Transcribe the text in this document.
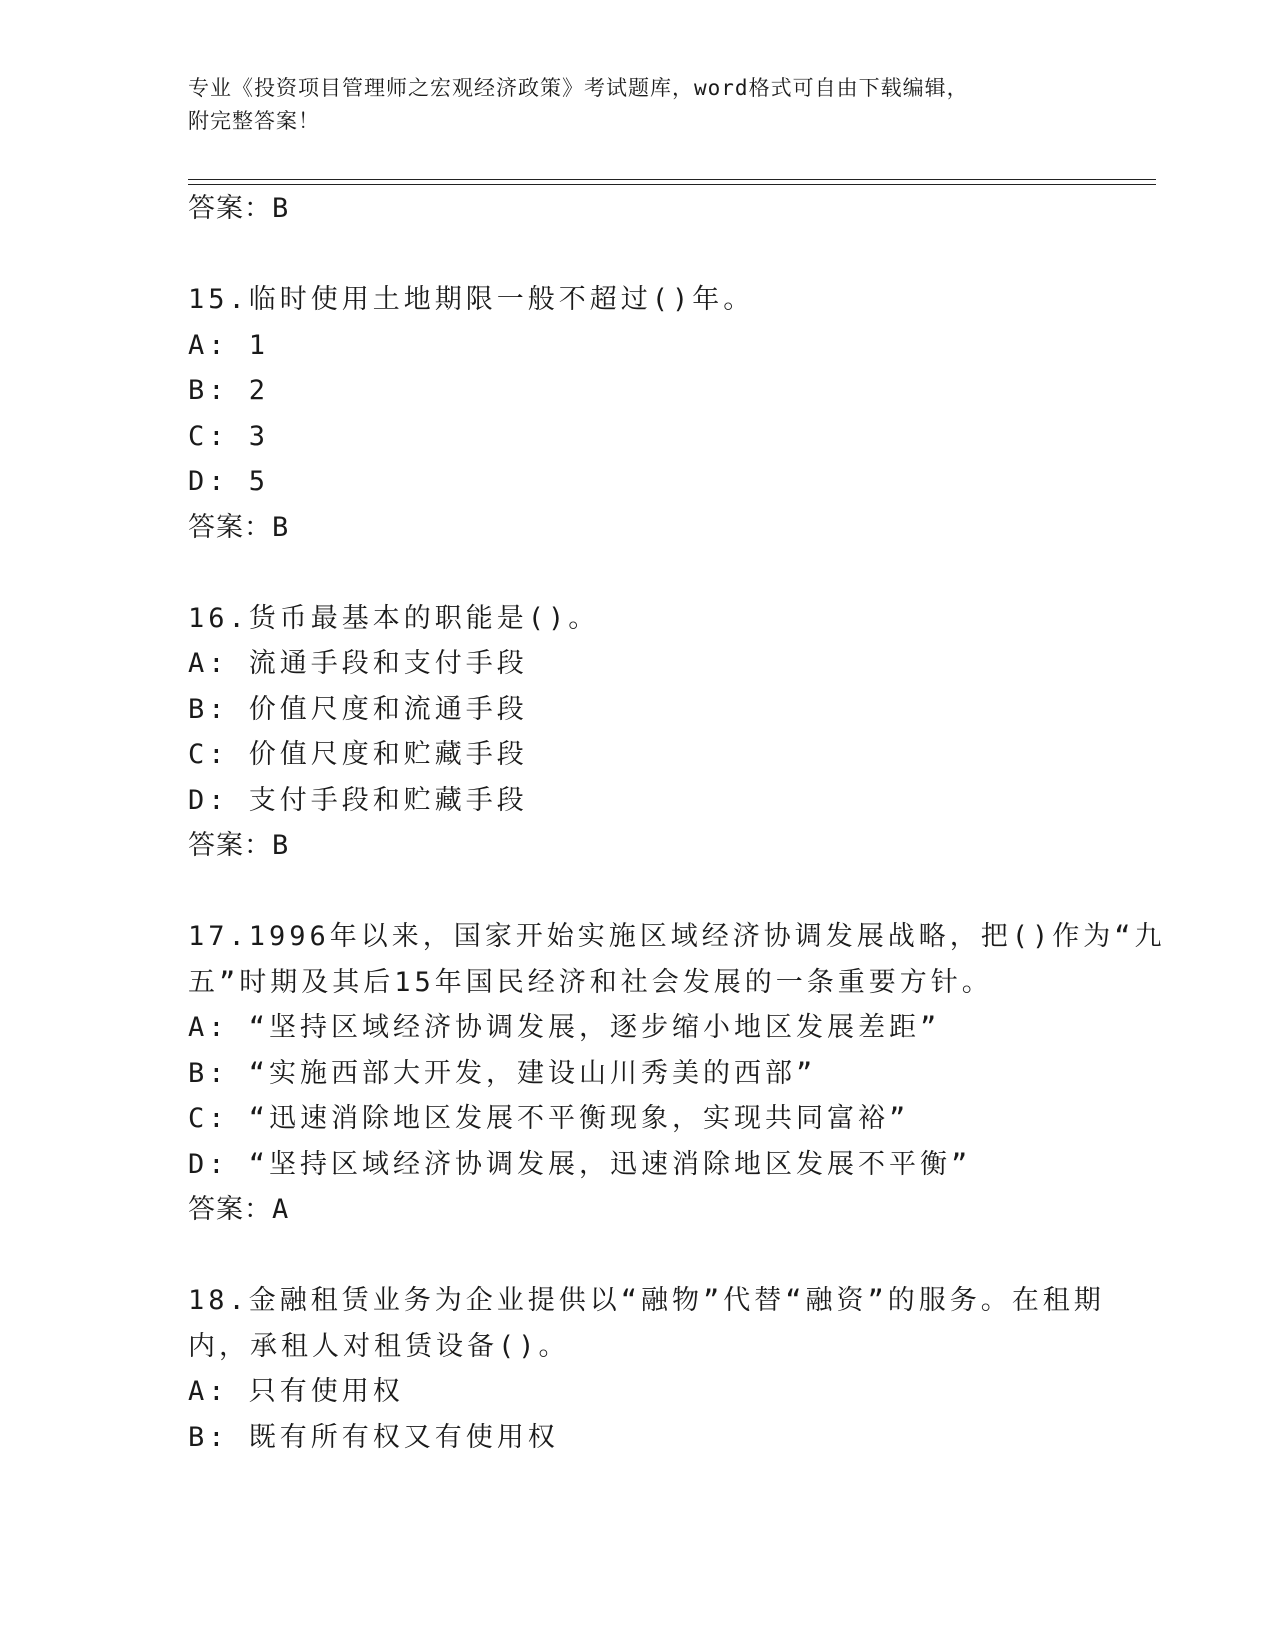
专业《投资项目管理师之宏观经济政策》考试题库，word格式可自由下载编辑，
附完整答案！
答案：B
15.临时使用土地期限一般不超过()年。
A: 1
B: 2
C: 3
D: 5
答案：B
16.货币最基本的职能是()。
A: 流通手段和支付手段
B: 价值尺度和流通手段
C: 价值尺度和贮藏手段
D: 支付手段和贮藏手段
答案：B
17.1996年以来，国家开始实施区域经济协调发展战略，把()作为“九
五”时期及其后15年国民经济和社会发展的一条重要方针。
A: “坚持区域经济协调发展，逐步缩小地区发展差距”
B: “实施西部大开发，建设山川秀美的西部”
C: “迅速消除地区发展不平衡现象，实现共同富裕”
D: “坚持区域经济协调发展，迅速消除地区发展不平衡”
答案：A
18.金融租赁业务为企业提供以“融物”代替“融资”的服务。在租期
内，承租人对租赁设备()。
A: 只有使用权
B: 既有所有权又有使用权
